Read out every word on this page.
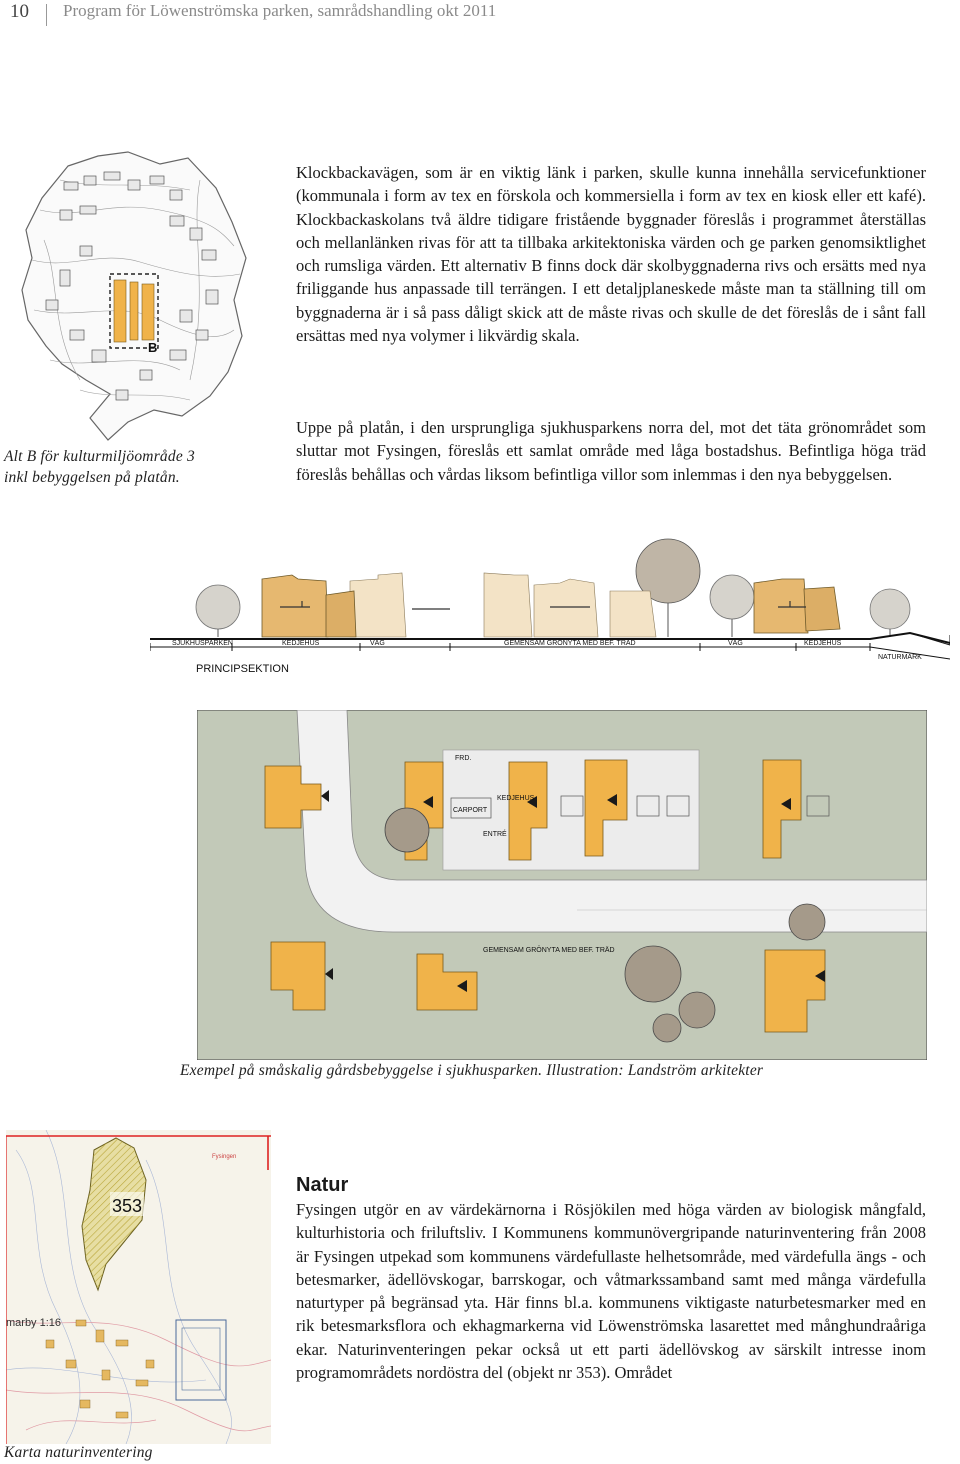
10 Program för Löwenströmska parken, samrådshandling okt 2011
B
Alt B för kulturmiljöområde 3
inkl bebyggelsen på platån.

Klockbackavägen, som är en viktig länk i parken, skulle kunna innehålla servicefunktioner (kommunala i form av tex en förskola och kommersiella i form av tex en kiosk eller ett kafé). Klockbackaskolans två äldre tidigare fristående byggnader föreslås i programmet återställas och mellanlänken rivas för att ta tillbaka arkitektoniska värden och ge parken genomsiktlighet och rumsliga värden. Ett alternativ B finns dock där skolbyggnaderna rivs och ersätts med nya friliggande hus anpassade till terrängen. I ett detaljplaneskede måste man ta ställning till om byggnaderna är i så pass dåligt skick att de måste rivas och skulle de det föreslås de i sånt fall ersättas med nya volymer i likvärdig skala.

Uppe på platån, i den ursprungliga sjukhusparkens norra del, mot det täta grönområdet som sluttar mot Fysingen, föreslås ett samlat område med låga bostadshus. Befintliga höga träd föreslås behållas och vårdas liksom befintliga villor som inlemmas i den nya bebyggelsen.

SJUKHUSPARKEN	KEDJEHUS	VÄG	GEMENSAM GRÖNYTA MED BEF. TRÄD	VÄG	KEDJEHUS
NATURMARK
PRINCIPSEKTION
FRD.
KEDJEHUS
CARPORT
ENTRÉ
GEMENSAM GRÖNYTA MED BEF. TRÄD
Exempel på småskalig gårdsbebyggelse i sjukhusparken. Illustration: Landström arkitekter
Fysingen
353
marby 1:16
Karta naturinventering
Natur

Fysingen utgör en av värdekärnorna i Rösjökilen med höga värden av biologisk mångfald, kulturhistoria och friluftsliv. I Kommunens kommunövergripande naturinventering från 2008 är Fysingen utpekad som kommunens värdefullaste helhetsområde, med värdefulla ängs - och betesmarker, ädellövskogar, barrskogar, och våtmarkssamband samt med många värdefulla naturtyper på begränsad yta. Här finns bl.a. kommunens viktigaste naturbetesmarker med en rik betesmarksflora och ekhagmarkerna vid Löwenströmska lasarettet med månghundraåriga ekar. Naturinventeringen pekar också ut ett parti ädellövskog av särskilt intresse inom programområdets nordöstra del (objekt nr 353). Området
